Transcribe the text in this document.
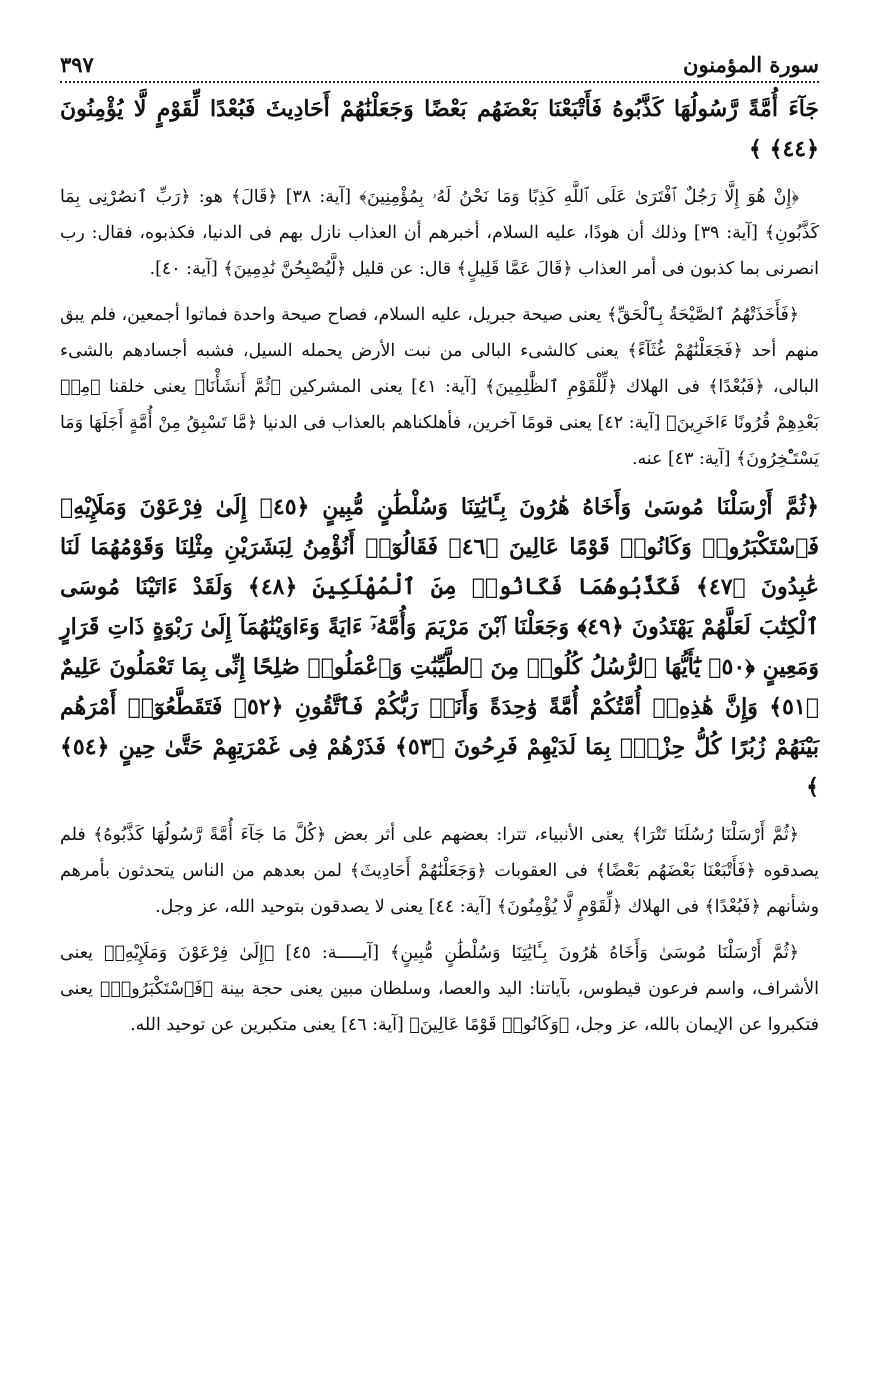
سورة المؤمنون
٣٩٧

جَآءَ أُمَّةً رَّسُولُهَا كَذَّبُوهُ فَأَتْبَعْنَا بَعْضَهُم بَعْضًا وَجَعَلْنَٰهُمْ أَحَادِيثَ فَبُعْدًا لِّقَوْمٍ لَّا يُؤْمِنُونَ ﴿٤٤﴾ ﴾

﴿إِنْ هُوَ إِلَّا رَجُلٌ ٱفْتَرَىٰ عَلَى ٱللَّهِ كَذِبًا وَمَا نَحْنُ لَهُۥ بِمُؤْمِنِينَ﴾ [آية: ٣٨] ﴿قَالَ﴾ هو: ﴿رَبِّ ٱنصُرْنِى بِمَا كَذَّبُونِ﴾ [آية: ٣٩] وذلك أن هودًا، عليه السلام، أخبرهم أن العذاب نازل بهم فى الدنيا، فكذبوه، فقال: رب انصرنى بما كذبون فى أمر العذاب ﴿قَالَ عَمَّا قَلِيلٍ﴾ قال: عن قليل ﴿لَّيُصْبِحُنَّ نَٰدِمِينَ﴾ [آية: ٤٠].

﴿فَأَخَذَتْهُمُ ٱلصَّيْحَةُ بِٱلْحَقِّ﴾ يعنى صيحة جبريل، عليه السلام، فصاح صيحة واحدة فماتوا أجمعين، فلم يبق منهم أحد ﴿فَجَعَلْنَٰهُمْ غُثَآءً﴾ يعنى كالشىء البالى من نبت الأرض يحمله السيل، فشبه أجسادهم بالشىء البالى، ﴿فَبُعْدًا﴾ فى الهلاك ﴿لِّلْقَوْمِ ٱلظَّٰلِمِينَ﴾ [آية: ٤١] يعنى المشركين ﴿ثُمَّ أَنشَأْنَا﴾ يعنى خلقنا ﴿مِنۢ بَعْدِهِمْ قُرُونًا ءَاخَرِينَ﴾ [آية: ٤٢] يعنى قومًا آخرين، فأهلكناهم بالعذاب فى الدنيا ﴿مَّا تَسْبِقُ مِنْ أُمَّةٍ أَجَلَهَا وَمَا يَسْتَـْٔخِرُونَ﴾ [آية: ٤٣] عنه.

﴿ثُمَّ أَرْسَلْنَا مُوسَىٰ وَأَخَاهُ هَٰرُونَ بِـَٔايَٰتِنَا وَسُلْطَٰنٍ مُّبِينٍ ﴿٤٥﴾ إِلَىٰ فِرْعَوْنَ وَمَلَإِيْهِۦ فَٱسْتَكْبَرُوا۟ وَكَانُوا۟ قَوْمًا عَالِينَ ﴿٤٦﴾ فَقَالُوٓا۟ أَنُؤْمِنُ لِبَشَرَيْنِ مِثْلِنَا وَقَوْمُهُمَا لَنَا عَٰبِدُونَ ﴿٤٧﴾ فَكَذَّبُوهُمَا فَكَانُوا۟ مِنَ ٱلْمُهْلَكِينَ ﴿٤٨﴾ وَلَقَدْ ءَاتَيْنَا مُوسَى ٱلْكِتَٰبَ لَعَلَّهُمْ يَهْتَدُونَ ﴿٤٩﴾ وَجَعَلْنَا ٱبْنَ مَرْيَمَ وَأُمَّهُۥٓ ءَايَةً وَءَاوَيْنَٰهُمَآ إِلَىٰ رَبْوَةٍ ذَاتِ قَرَارٍ وَمَعِينٍ ﴿٥٠﴾ يَٰٓأَيُّهَا ٱلرُّسُلُ كُلُوا۟ مِنَ ٱلطَّيِّبَٰتِ وَٱعْمَلُوا۟ صَٰلِحًا إِنِّى بِمَا تَعْمَلُونَ عَلِيمٌ ﴿٥١﴾ وَإِنَّ هَٰذِهِۦٓ أُمَّتُكُمْ أُمَّةً وَٰحِدَةً وَأَنَا۠ رَبُّكُمْ فَٱتَّقُونِ ﴿٥٢﴾ فَتَقَطَّعُوٓا۟ أَمْرَهُم بَيْنَهُمْ زُبُرًا كُلُّ حِزْبٍۭ بِمَا لَدَيْهِمْ فَرِحُونَ ﴿٥٣﴾ فَذَرْهُمْ فِى غَمْرَتِهِمْ حَتَّىٰ حِينٍ ﴿٥٤﴾ ﴾

﴿ثُمَّ أَرْسَلْنَا رُسُلَنَا تَتْرَا﴾ يعنى الأنبياء، تترا: بعضهم على أثر بعض ﴿كُلَّ مَا جَآءَ أُمَّةً رَّسُولُهَا كَذَّبُوهُ﴾ فلم يصدقوه ﴿فَأَتْبَعْنَا بَعْضَهُم بَعْضًا﴾ فى العقوبات ﴿وَجَعَلْنَٰهُمْ أَحَادِيثَ﴾ لمن بعدهم من الناس يتحدثون بأمرهم وشأنهم ﴿فَبُعْدًا﴾ فى الهلاك ﴿لِّقَوْمٍ لَّا يُؤْمِنُونَ﴾ [آية: ٤٤] يعنى لا يصدقون بتوحيد الله، عز وجل.

﴿ثُمَّ أَرْسَلْنَا مُوسَىٰ وَأَخَاهُ هَٰرُونَ بِـَٔايَٰتِنَا وَسُلْطَٰنٍ مُّبِينٍ﴾ [آيـــــة: ٤٥] ﴿إِلَىٰ فِرْعَوْنَ وَمَلَإِيْهِۦ﴾ يعنى الأشراف، واسم فرعون قيطوس، بآياتنا: اليد والعصا، وسلطان مبين يعنى حجة بينة ﴿فَٱسْتَكْبَرُوا۟﴾ يعنى فتكبروا عن الإيمان بالله، عز وجل، ﴿وَكَانُوا۟ قَوْمًا عَالِينَ﴾ [آية: ٤٦] يعنى متكبرين عن توحيد الله.
